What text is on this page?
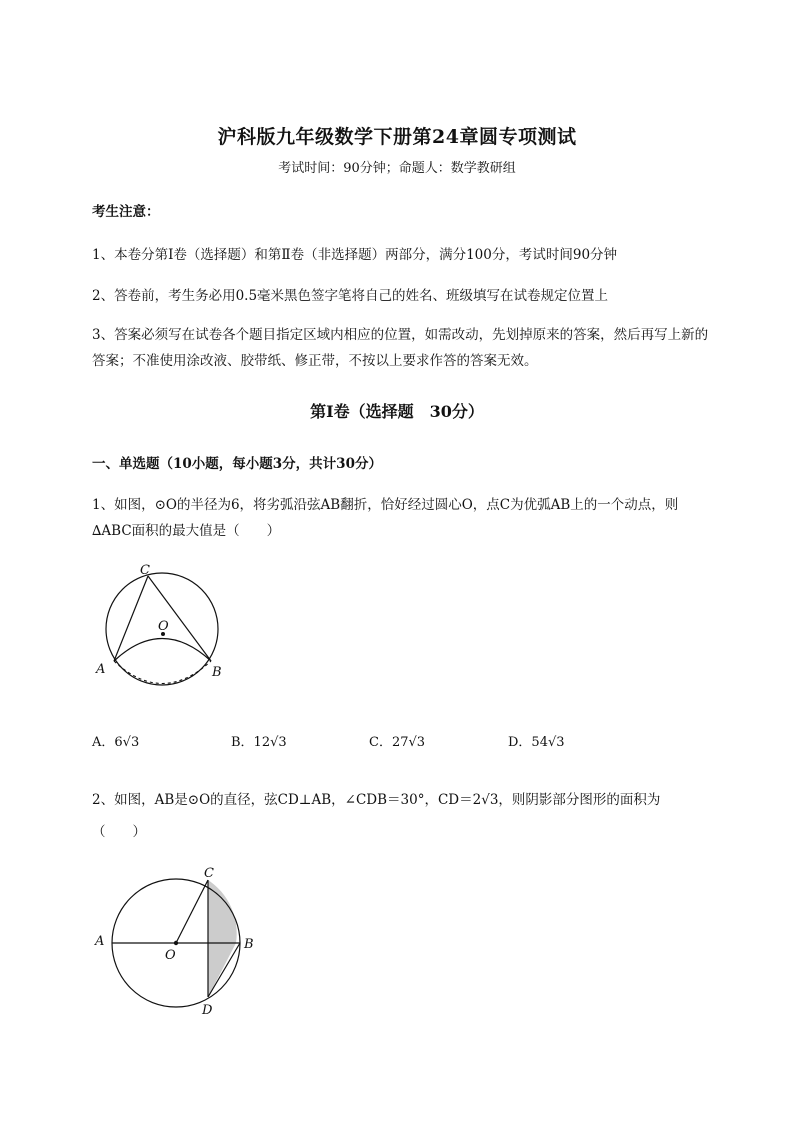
沪科版九年级数学下册第24章圆专项测试
考试时间：90分钟；命题人：数学教研组
考生注意：
1、本卷分第I卷（选择题）和第Ⅱ卷（非选择题）两部分，满分100分，考试时间90分钟
2、答卷前，考生务必用0.5毫米黑色签字笔将自己的姓名、班级填写在试卷规定位置上
3、答案必须写在试卷各个题目指定区域内相应的位置，如需改动，先划掉原来的答案，然后再写上新的答案；不准使用涂改液、胶带纸、修正带，不按以上要求作答的答案无效。
第I卷（选择题　30分）
一、单选题（10小题，每小题3分，共计30分）
1、如图，⊙O的半径为6，将劣弧沿弦AB翻折，恰好经过圆心O，点C为优弧AB上的一个动点，则
∆ABC面积的最大值是（　　）
C
O
A	B
A．6√3	B．12√3	C．27√3	D．54√3
2、如图，AB是⊙O的直径，弦CD⊥AB，∠CDB＝30°，CD＝2√3，则阴影部分图形的面积为
（　　）
C
A
O
B
D
